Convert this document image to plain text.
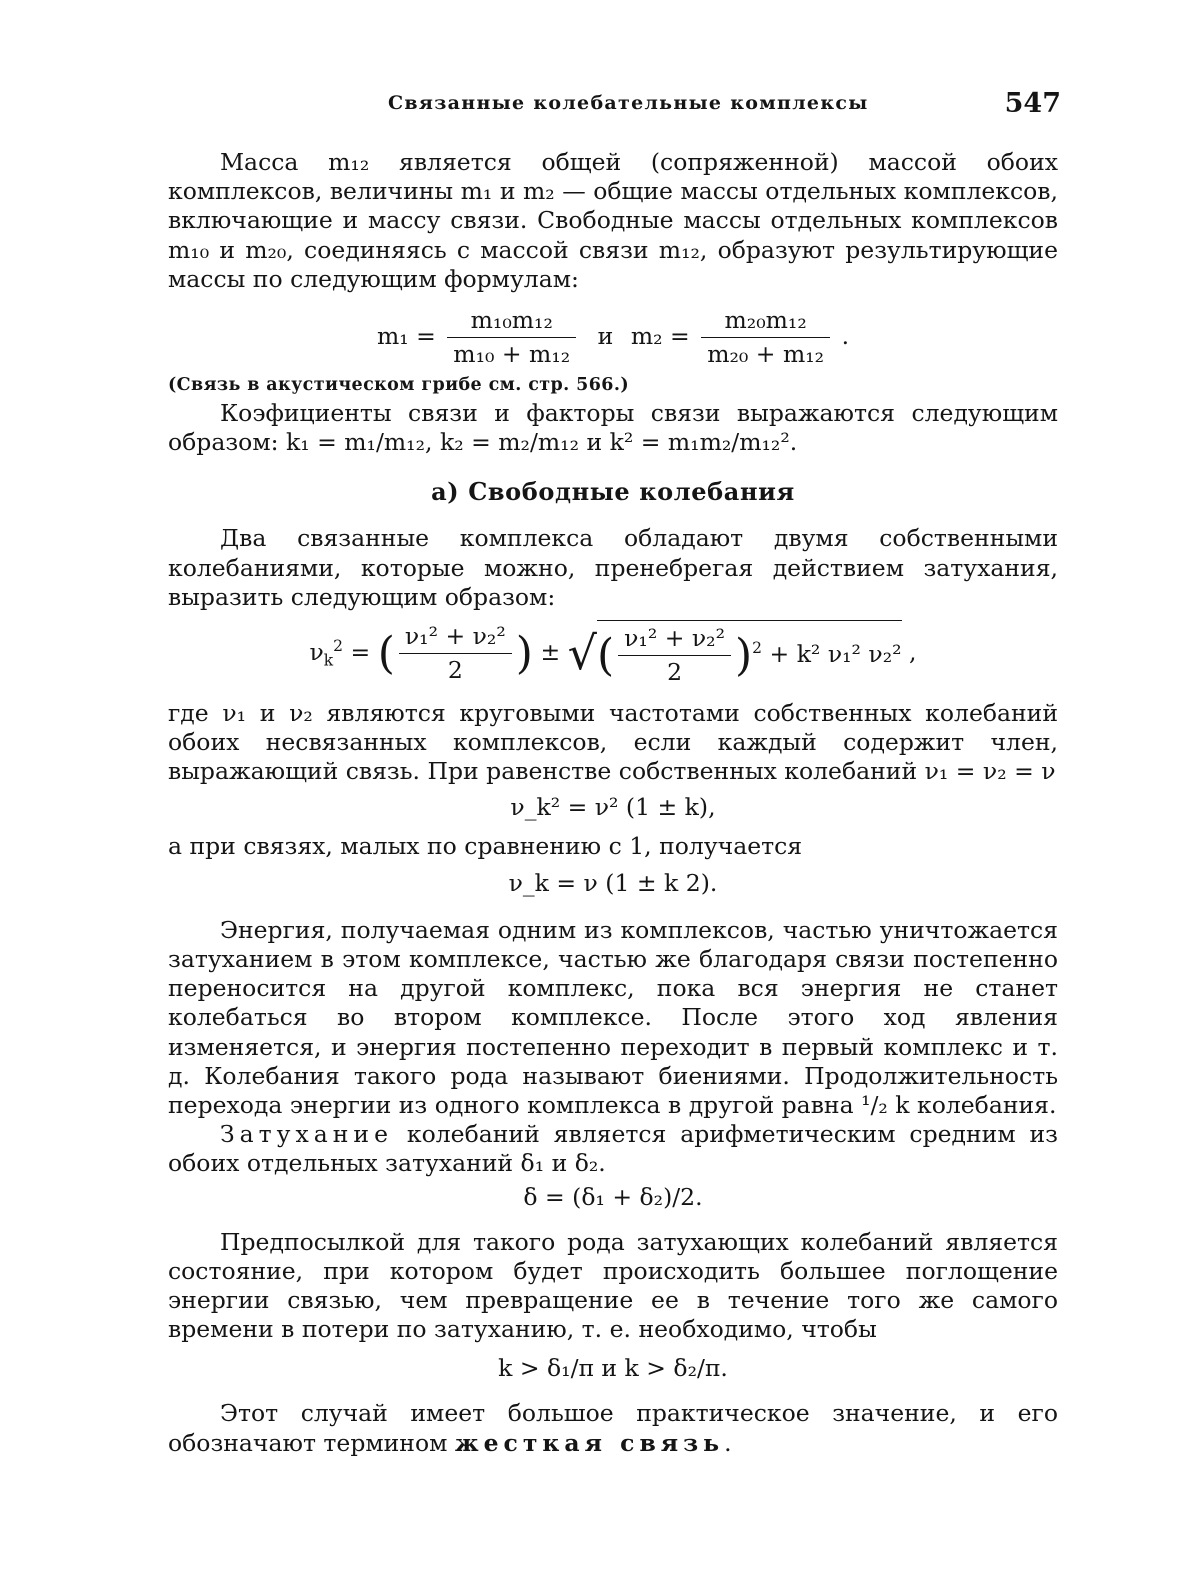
Связанные колебательные комплексы	547

Масса m₁₂ является общей (сопряженной) массой обоих комплексов, величины m₁ и m₂ — общие массы отдельных комплексов, включающие и массу связи. Свободные массы отдельных комплексов m₁₀ и m₂₀, соединяясь с массой связи m₁₂, образуют результирующие массы по следующим формулам:

$m_1 = \frac{\text{m₁₀m₁₂}}{\text{m₁₀ + m₁₂}}$ и $m_2 = \frac{\text{m₂₀m₁₂}}{\text{m₂₀ + m₁₂}}$ .
(Связь в акустическом грибе см. стр. 566.)

Коэфициенты связи и факторы связи выражаются следующим образом: k₁ = m₁/m₁₂, k₂ = m₂/m₁₂ и k² = m₁m₂/m₁₂².

а) Свободные колебания

Два связанные комплекса обладают двумя собственными колебаниями, которые можно, пренебрегая действием затухания, выразить следующим образом:

$\nu_k^2$ = ( $\frac{\text{ν₁² + ν₂²}}{2}$ ) ± √( $\frac{\text{ν₁² + ν₂²}}{2} )^2 + k^2$ ν₁² ν₂² ,

где ν₁ и ν₂ являются круговыми частотами собственных колебаний обоих несвязанных комплексов, если каждый содержит член, выражающий связь. При равенстве собственных колебаний ν₁ = ν₂ = ν

ν_k² = ν² (1 ± k),

а при связях, малых по сравнению с 1, получается

ν_k = ν (1 ± k 2).

Энергия, получаемая одним из комплексов, частью уничтожается затуханием в этом комплексе, частью же благодаря связи постепенно переносится на другой комплекс, пока вся энергия не станет колебаться во втором комплексе. После этого ход явления изменяется, и энергия постепенно переходит в первый комплекс и т. д. Колебания такого рода называют биениями. Продолжительность перехода энергии из одного комплекса в другой равна ¹/₂ k колебания.

Затухание колебаний является арифметическим средним из обоих отдельных затуханий δ₁ и δ₂.

δ = (δ₁ + δ₂)/2.

Предпосылкой для такого рода затухающих колебаний является состояние, при котором будет происходить большее поглощение энергии связью, чем превращение ее в течение того же самого времени в потери по затуханию, т. е. необходимо, чтобы

k > δ₁/π и k > δ₂/π.

Этот случай имеет большое практическое значение, и его обозначают термином жесткая связь.
